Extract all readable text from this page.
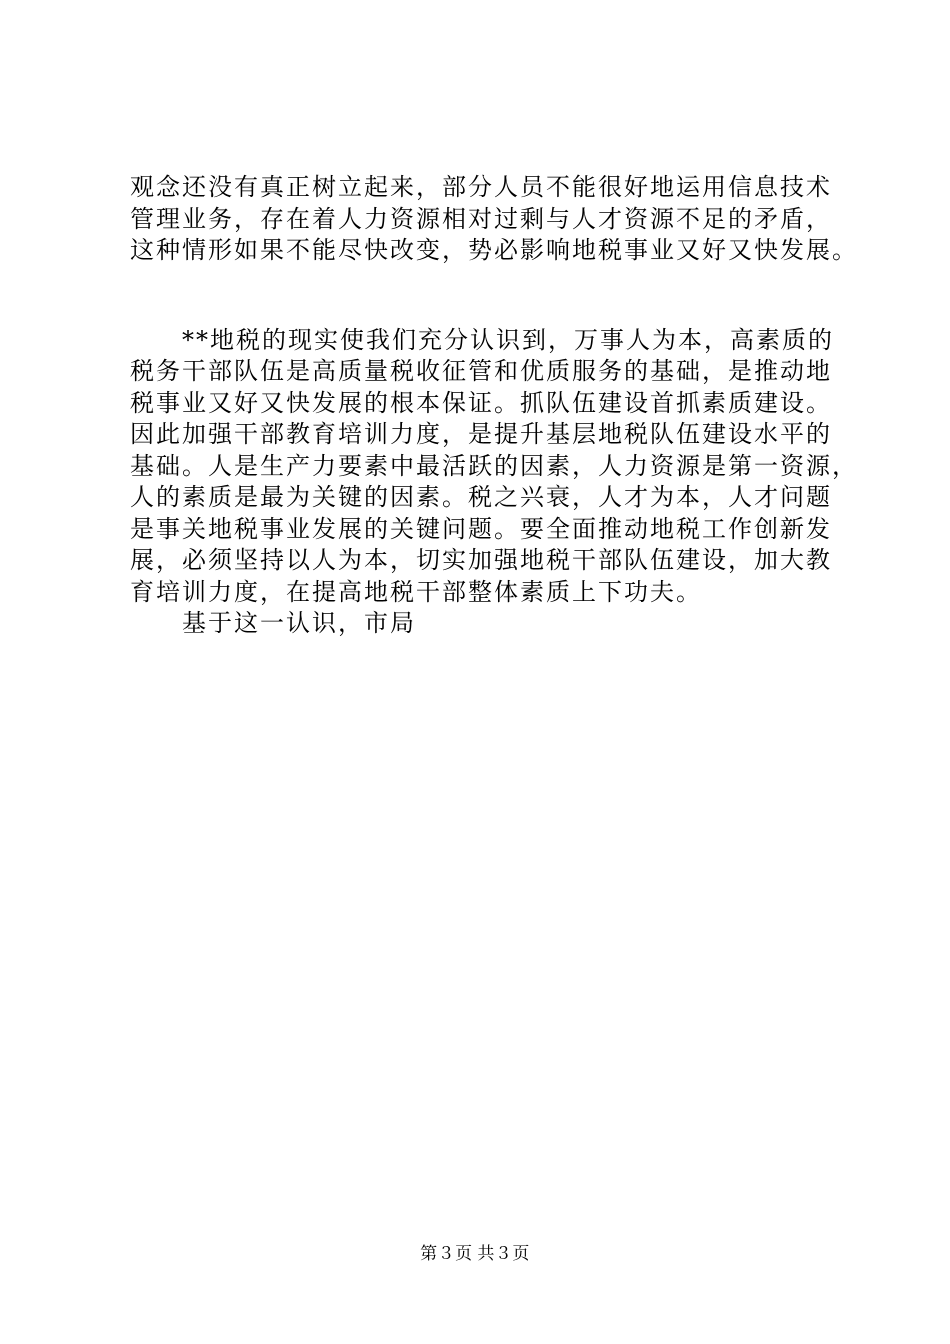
观念还没有真正树立起来，部分人员不能很好地运用信息技术
管理业务，存在着人力资源相对过剩与人才资源不足的矛盾，
这种情形如果不能尽快改变，势必影响地税事业又好又快发展。
　　**地税的现实使我们充分认识到，万事人为本，高素质的
税务干部队伍是高质量税收征管和优质服务的基础，是推动地
税事业又好又快发展的根本保证。抓队伍建设首抓素质建设。
因此加强干部教育培训力度，是提升基层地税队伍建设水平的
基础。人是生产力要素中最活跃的因素，人力资源是第一资源，
人的素质是最为关键的因素。税之兴衰，人才为本，人才问题
是事关地税事业发展的关键问题。要全面推动地税工作创新发
展，必须坚持以人为本，切实加强地税干部队伍建设，加大教
育培训力度，在提高地税干部整体素质上下功夫。
　　基于这一认识，市局
第３页 共３页
